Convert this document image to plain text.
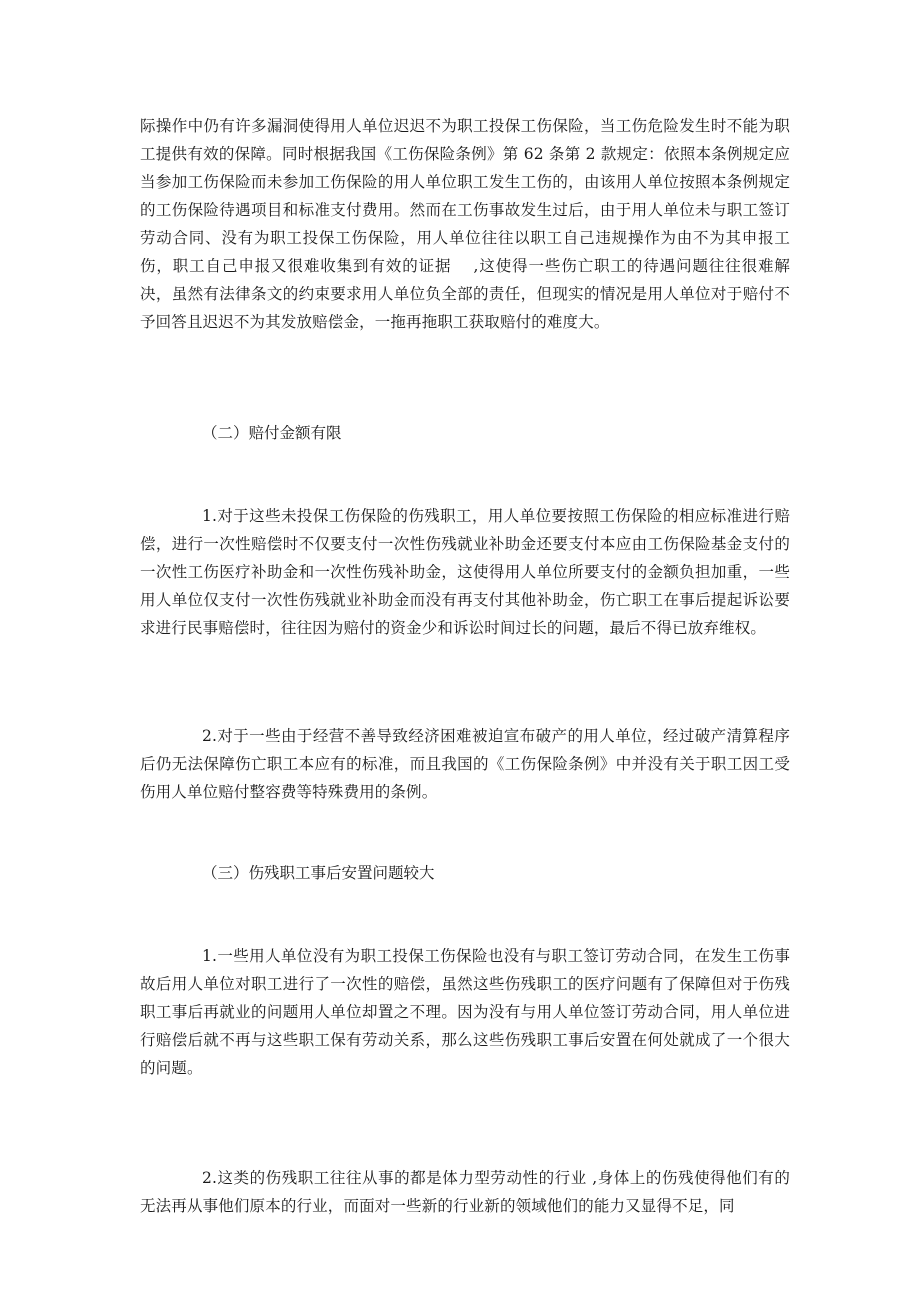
际操作中仍有许多漏洞使得用人单位迟迟不为职工投保工伤保险，当工伤危险发生时不能为职工提供有效的保障。同时根据我国《工伤保险条例》第 62 条第 2 款规定：依照本条例规定应当参加工伤保险而未参加工伤保险的用人单位职工发生工伤的，由该用人单位按照本条例规定的工伤保险待遇项目和标准支付费用。然而在工伤事故发生过后，由于用人单位未与职工签订劳动合同、没有为职工投保工伤保险，用人单位往往以职工自己违规操作为由不为其申报工伤，职工自己申报又很难收集到有效的证据　 ,这使得一些伤亡职工的待遇问题往往很难解决，虽然有法律条文的约束要求用人单位负全部的责任，但现实的情况是用人单位对于赔付不予回答且迟迟不为其发放赔偿金，一拖再拖职工获取赔付的难度大。

（二）赔付金额有限

1.对于这些未投保工伤保险的伤残职工，用人单位要按照工伤保险的相应标准进行赔偿，进行一次性赔偿时不仅要支付一次性伤残就业补助金还要支付本应由工伤保险基金支付的一次性工伤医疗补助金和一次性伤残补助金，这使得用人单位所要支付的金额负担加重，一些用人单位仅支付一次性伤残就业补助金而没有再支付其他补助金，伤亡职工在事后提起诉讼要求进行民事赔偿时，往往因为赔付的资金少和诉讼时间过长的问题，最后不得已放弃维权。

2.对于一些由于经营不善导致经济困难被迫宣布破产的用人单位，经过破产清算程序后仍无法保障伤亡职工本应有的标准，而且我国的《工伤保险条例》中并没有关于职工因工受伤用人单位赔付整容费等特殊费用的条例。

（三）伤残职工事后安置问题较大

1.一些用人单位没有为职工投保工伤保险也没有与职工签订劳动合同，在发生工伤事故后用人单位对职工进行了一次性的赔偿，虽然这些伤残职工的医疗问题有了保障但对于伤残职工事后再就业的问题用人单位却置之不理。因为没有与用人单位签订劳动合同，用人单位进行赔偿后就不再与这些职工保有劳动关系，那么这些伤残职工事后安置在何处就成了一个很大的问题。

2.这类的伤残职工往往从事的都是体力型劳动性的行业 ,身体上的伤残使得他们有的无法再从事他们原本的行业，而面对一些新的行业新的领域他们的能力又显得不足，同
